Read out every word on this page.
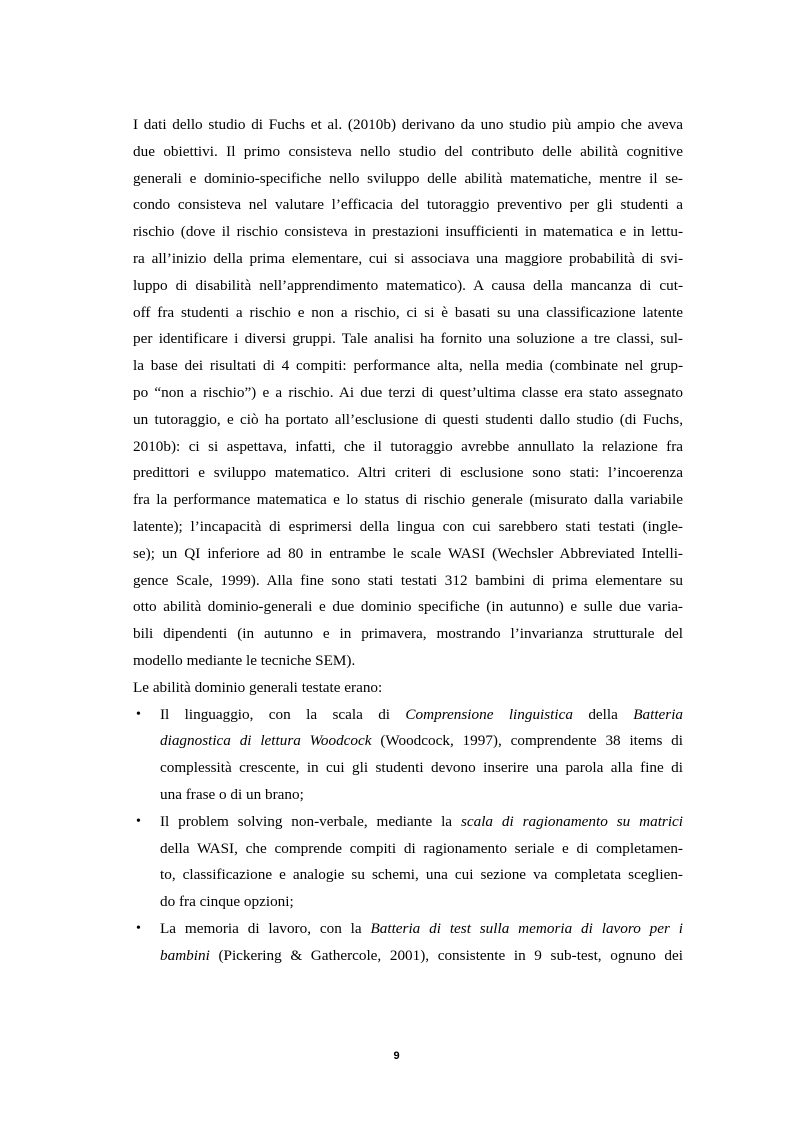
I dati dello studio di Fuchs et al. (2010b) derivano da uno studio più ampio che aveva
due obiettivi. Il primo consisteva nello studio del contributo delle abilità cognitive
generali e dominio-specifiche nello sviluppo delle abilità matematiche, mentre il se-
condo consisteva nel valutare l’efficacia del tutoraggio preventivo per gli studenti a
rischio (dove il rischio consisteva in prestazioni insufficienti in matematica e in lettu-
ra all’inizio della prima elementare, cui si associava una maggiore probabilità di svi-
luppo di disabilità nell’apprendimento matematico). A causa della mancanza di cut-
off fra studenti a rischio e non a rischio, ci si è basati su una classificazione latente
per identificare i diversi gruppi. Tale analisi ha fornito una soluzione a tre classi, sul-
la base dei risultati di 4 compiti: performance alta, nella media (combinate nel grup-
po “non a rischio”) e a rischio. Ai due terzi di quest’ultima classe era stato assegnato
un tutoraggio, e ciò ha portato all’esclusione di questi studenti dallo studio (di Fuchs,
2010b): ci si aspettava, infatti, che il tutoraggio avrebbe annullato la relazione fra
predittori e sviluppo matematico. Altri criteri di esclusione sono stati: l’incoerenza
fra la performance matematica e lo status di rischio generale (misurato dalla variabile
latente); l’incapacità di esprimersi della lingua con cui sarebbero stati testati (ingle-
se); un QI inferiore ad 80 in entrambe le scale WASI (Wechsler Abbreviated Intelli-
gence Scale, 1999). Alla fine sono stati testati 312 bambini di prima elementare su
otto abilità dominio-generali e due dominio specifiche (in autunno) e sulle due varia-
bili dipendenti (in autunno e in primavera, mostrando l’invarianza strutturale del
modello mediante le tecniche SEM).
Le abilità dominio generali testate erano:
• Il linguaggio, con la scala di Comprensione linguistica della Batteria
diagnostica di lettura Woodcock (Woodcock, 1997), comprendente 38 items di
complessità crescente, in cui gli studenti devono inserire una parola alla fine di
una frase o di un brano;
• Il problem solving non-verbale, mediante la scala di ragionamento su matrici
della WASI, che comprende compiti di ragionamento seriale e di completamen-
to, classificazione e analogie su schemi, una cui sezione va completata sceglien-
do fra cinque opzioni;
• La memoria di lavoro, con la Batteria di test sulla memoria di lavoro per i
bambini (Pickering & Gathercole, 2001), consistente in 9 sub-test, ognuno dei
9
